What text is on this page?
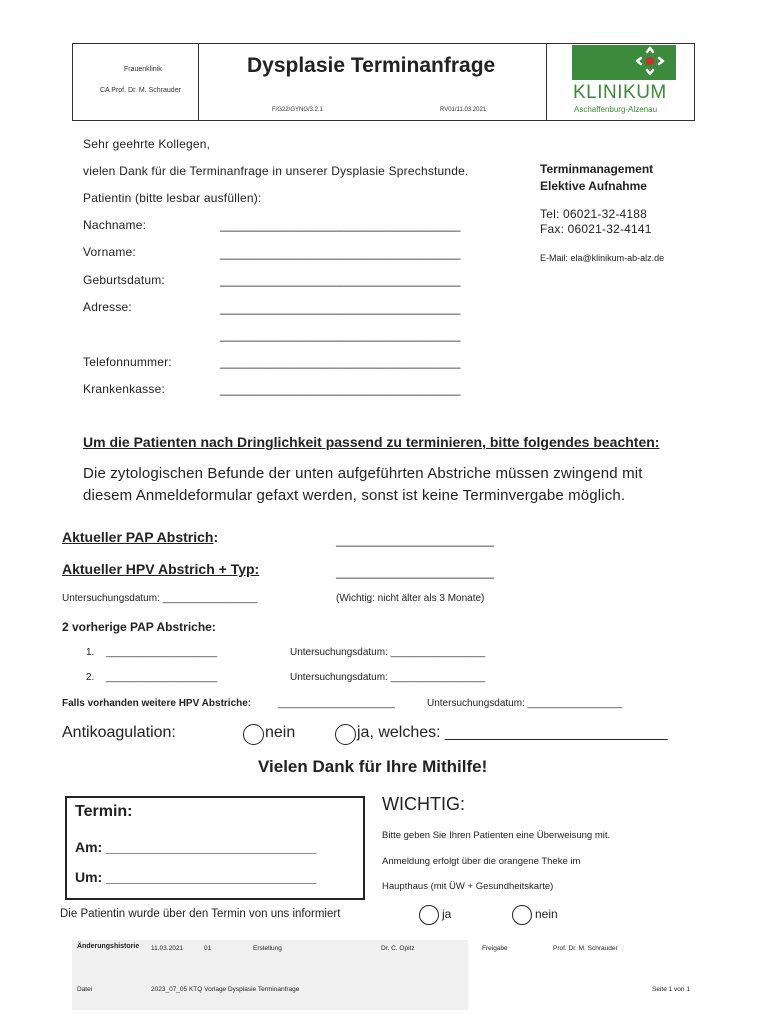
Frauenklinik
CA Prof. Dr. M. Schrauder
Dysplasie Terminanfrage
F/G22/GYNG/3.2.1	RV01/11.03.2021
KLINIKUM
Aschaffenburg-Alzenau
Sehr geehrte Kollegen,
vielen Dank für die Terminanfrage in unserer Dysplasie Sprechstunde.
Patientin (bitte lesbar ausfüllen):
Terminmanagement
Elektive Aufnahme
Tel: 06021-32-4188
Fax: 06021-32-4141
E-Mail: ela@klinikum-ab-alz.de
Nachname:	___________________________________
Vorname:	___________________________________
Geburtsdatum:	___________________________________
Adresse:	___________________________________
___________________________________
Telefonnummer:	___________________________________
Krankenkasse:	___________________________________
Um die Patienten nach Dringlichkeit passend zu terminieren, bitte folgendes beachten:
Die zytologischen Befunde der unten aufgeführten Abstriche müssen zwingend mit
diesem Anmeldeformular gefaxt werden, sonst ist keine Terminvergabe möglich.
Aktueller PAP Abstrich:	_______________________
Aktueller HPV Abstrich + Typ:	_______________________
Untersuchungsdatum: _________________	(Wichtig: nicht älter als 3 Monate)
2 vorherige PAP Abstriche:
1. ____________________	Untersuchungsdatum: _________________
2. ____________________	Untersuchungsdatum: _________________
Falls vorhanden weitere HPV Abstriche:	_____________________	Untersuchungsdatum: _________________
Antikoagulation:	nein	ja, welches: _________________________
Vielen Dank für Ihre Mithilfe!
Termin:
Am: ___________________________
Um: ___________________________
WICHTIG:
Bitte geben Sie Ihren Patienten eine Überweisung mit.
Anmeldung erfolgt über die orangene Theke im
Haupthaus (mit ÜW + Gesundheitskarte)
Die Patientin wurde über den Termin von uns informiert	ja	nein
Änderungshistorie 11.03.2021	01	Erstellung	Dr. C. Opitz	Freigabe	Prof. Dr. M. Schrauder
Datei	2023_07_05 KTQ Vorlage Dysplasie Terminanfrage	Seite 1 von 1
